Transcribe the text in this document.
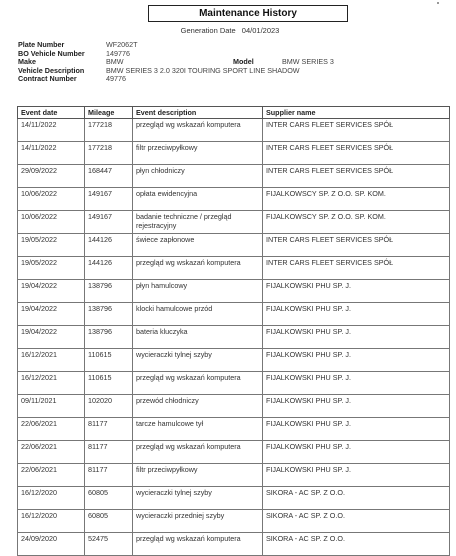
Maintenance History
Generation Date 04/01/2023
Plate Number	WF2062T
BO Vehicle Number	149776
Make	BMW	Model	BMW SERIES 3
Vehicle Description	BMW SERIES 3 2.0 320I TOURING SPORT LINE SHADOW
Contract Number	49776
Event date	Mileage	Event description	Supplier name
14/11/2022	177218	przegląd wg wskazań komputera	INTER CARS FLEET SERVICES SPÓŁ
14/11/2022	177218	filtr przeciwpyłkowy	INTER CARS FLEET SERVICES SPÓŁ
29/09/2022	168447	płyn chłodniczy	INTER CARS FLEET SERVICES SPÓŁ
10/06/2022	149167	opłata ewidencyjna	FIJALKOWSCY SP. Z O.O. SP. KOM.
10/06/2022	149167	badanie techniczne / przegląd rejestracyjny	FIJALKOWSCY SP. Z O.O. SP. KOM.
19/05/2022	144126	świece zapłonowe	INTER CARS FLEET SERVICES SPÓŁ
19/05/2022	144126	przegląd wg wskazań komputera	INTER CARS FLEET SERVICES SPÓŁ
19/04/2022	138796	płyn hamulcowy	FIJALKOWSKI PHU SP. J.
19/04/2022	138796	klocki hamulcowe przód	FIJALKOWSKI PHU SP. J.
19/04/2022	138796	bateria kluczyka	FIJALKOWSKI PHU SP. J.
16/12/2021	110615	wycieraczki tylnej szyby	FIJALKOWSKI PHU SP. J.
16/12/2021	110615	przegląd wg wskazań komputera	FIJALKOWSKI PHU SP. J.
09/11/2021	102020	przewód chłodniczy	FIJALKOWSKI PHU SP. J.
22/06/2021	81177	tarcze hamulcowe tył	FIJALKOWSKI PHU SP. J.
22/06/2021	81177	przegląd wg wskazań komputera	FIJALKOWSKI PHU SP. J.
22/06/2021	81177	filtr przeciwpyłkowy	FIJALKOWSKI PHU SP. J.
16/12/2020	60805	wycieraczki tylnej szyby	SIKORA - AC SP. Z O.O.
16/12/2020	60805	wycieraczki przedniej szyby	SIKORA - AC SP. Z O.O.
24/09/2020	52475	przegląd wg wskazań komputera	SIKORA - AC SP. Z O.O.
